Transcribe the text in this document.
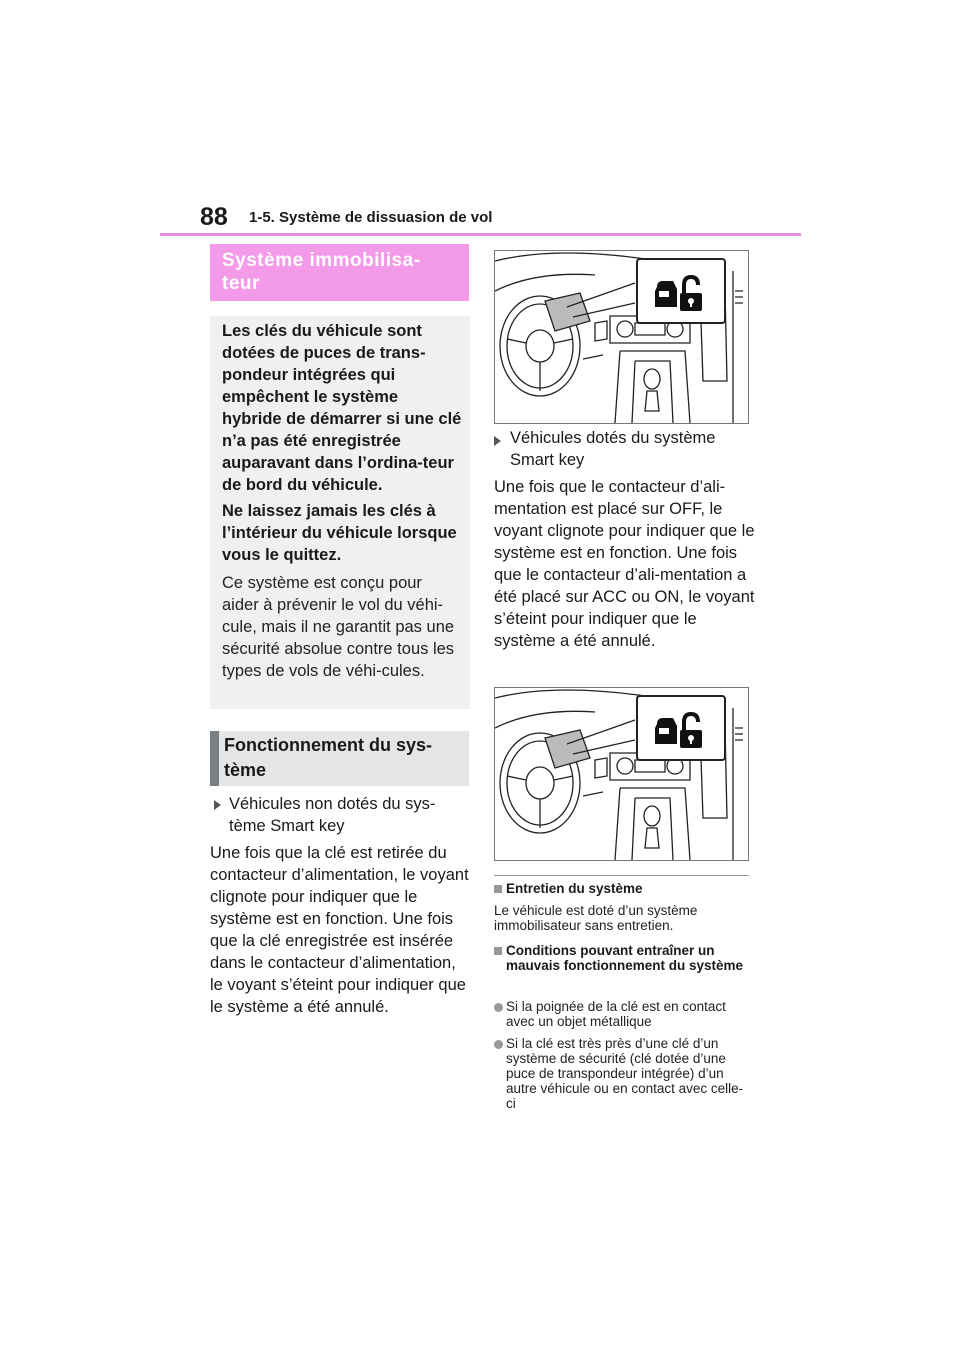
88 1-5. Système de dissuasion de vol
Système immobilisa-
teur
Les clés du véhicule sont dotées de puces de trans-pondeur intégrées qui empêchent le système hybride de démarrer si une clé n’a pas été enregistrée auparavant dans l’ordina-teur de bord du véhicule.
Ne laissez jamais les clés à l’intérieur du véhicule lorsque vous le quittez.
Ce système est conçu pour aider à prévenir le vol du véhi-cule, mais il ne garantit pas une sécurité absolue contre tous les types de vols de véhi-cules.
Fonctionnement du sys-tème
Véhicules non dotés du sys-tème Smart key
Une fois que la clé est retirée du contacteur d’alimentation, le voyant clignote pour indiquer que le système est en fonction. Une fois que la clé enregistrée est insérée dans le contacteur d’alimentation, le voyant s’éteint pour indiquer que le système a été annulé.
Véhicules dotés du système Smart key
Une fois que le contacteur d’ali-mentation est placé sur OFF, le voyant clignote pour indiquer que le système est en fonction. Une fois que le contacteur d’ali-mentation a été placé sur ACC ou ON, le voyant s’éteint pour indiquer que le système a été annulé.
Entretien du système
Le véhicule est doté d’un système immobilisateur sans entretien.
Conditions pouvant entraîner un mauvais fonctionnement du système
Si la poignée de la clé est en contact avec un objet métallique
Si la clé est très près d’une clé d’un système de sécurité (clé dotée d’une puce de transpondeur intégrée) d’un autre véhicule ou en contact avec celle-ci
